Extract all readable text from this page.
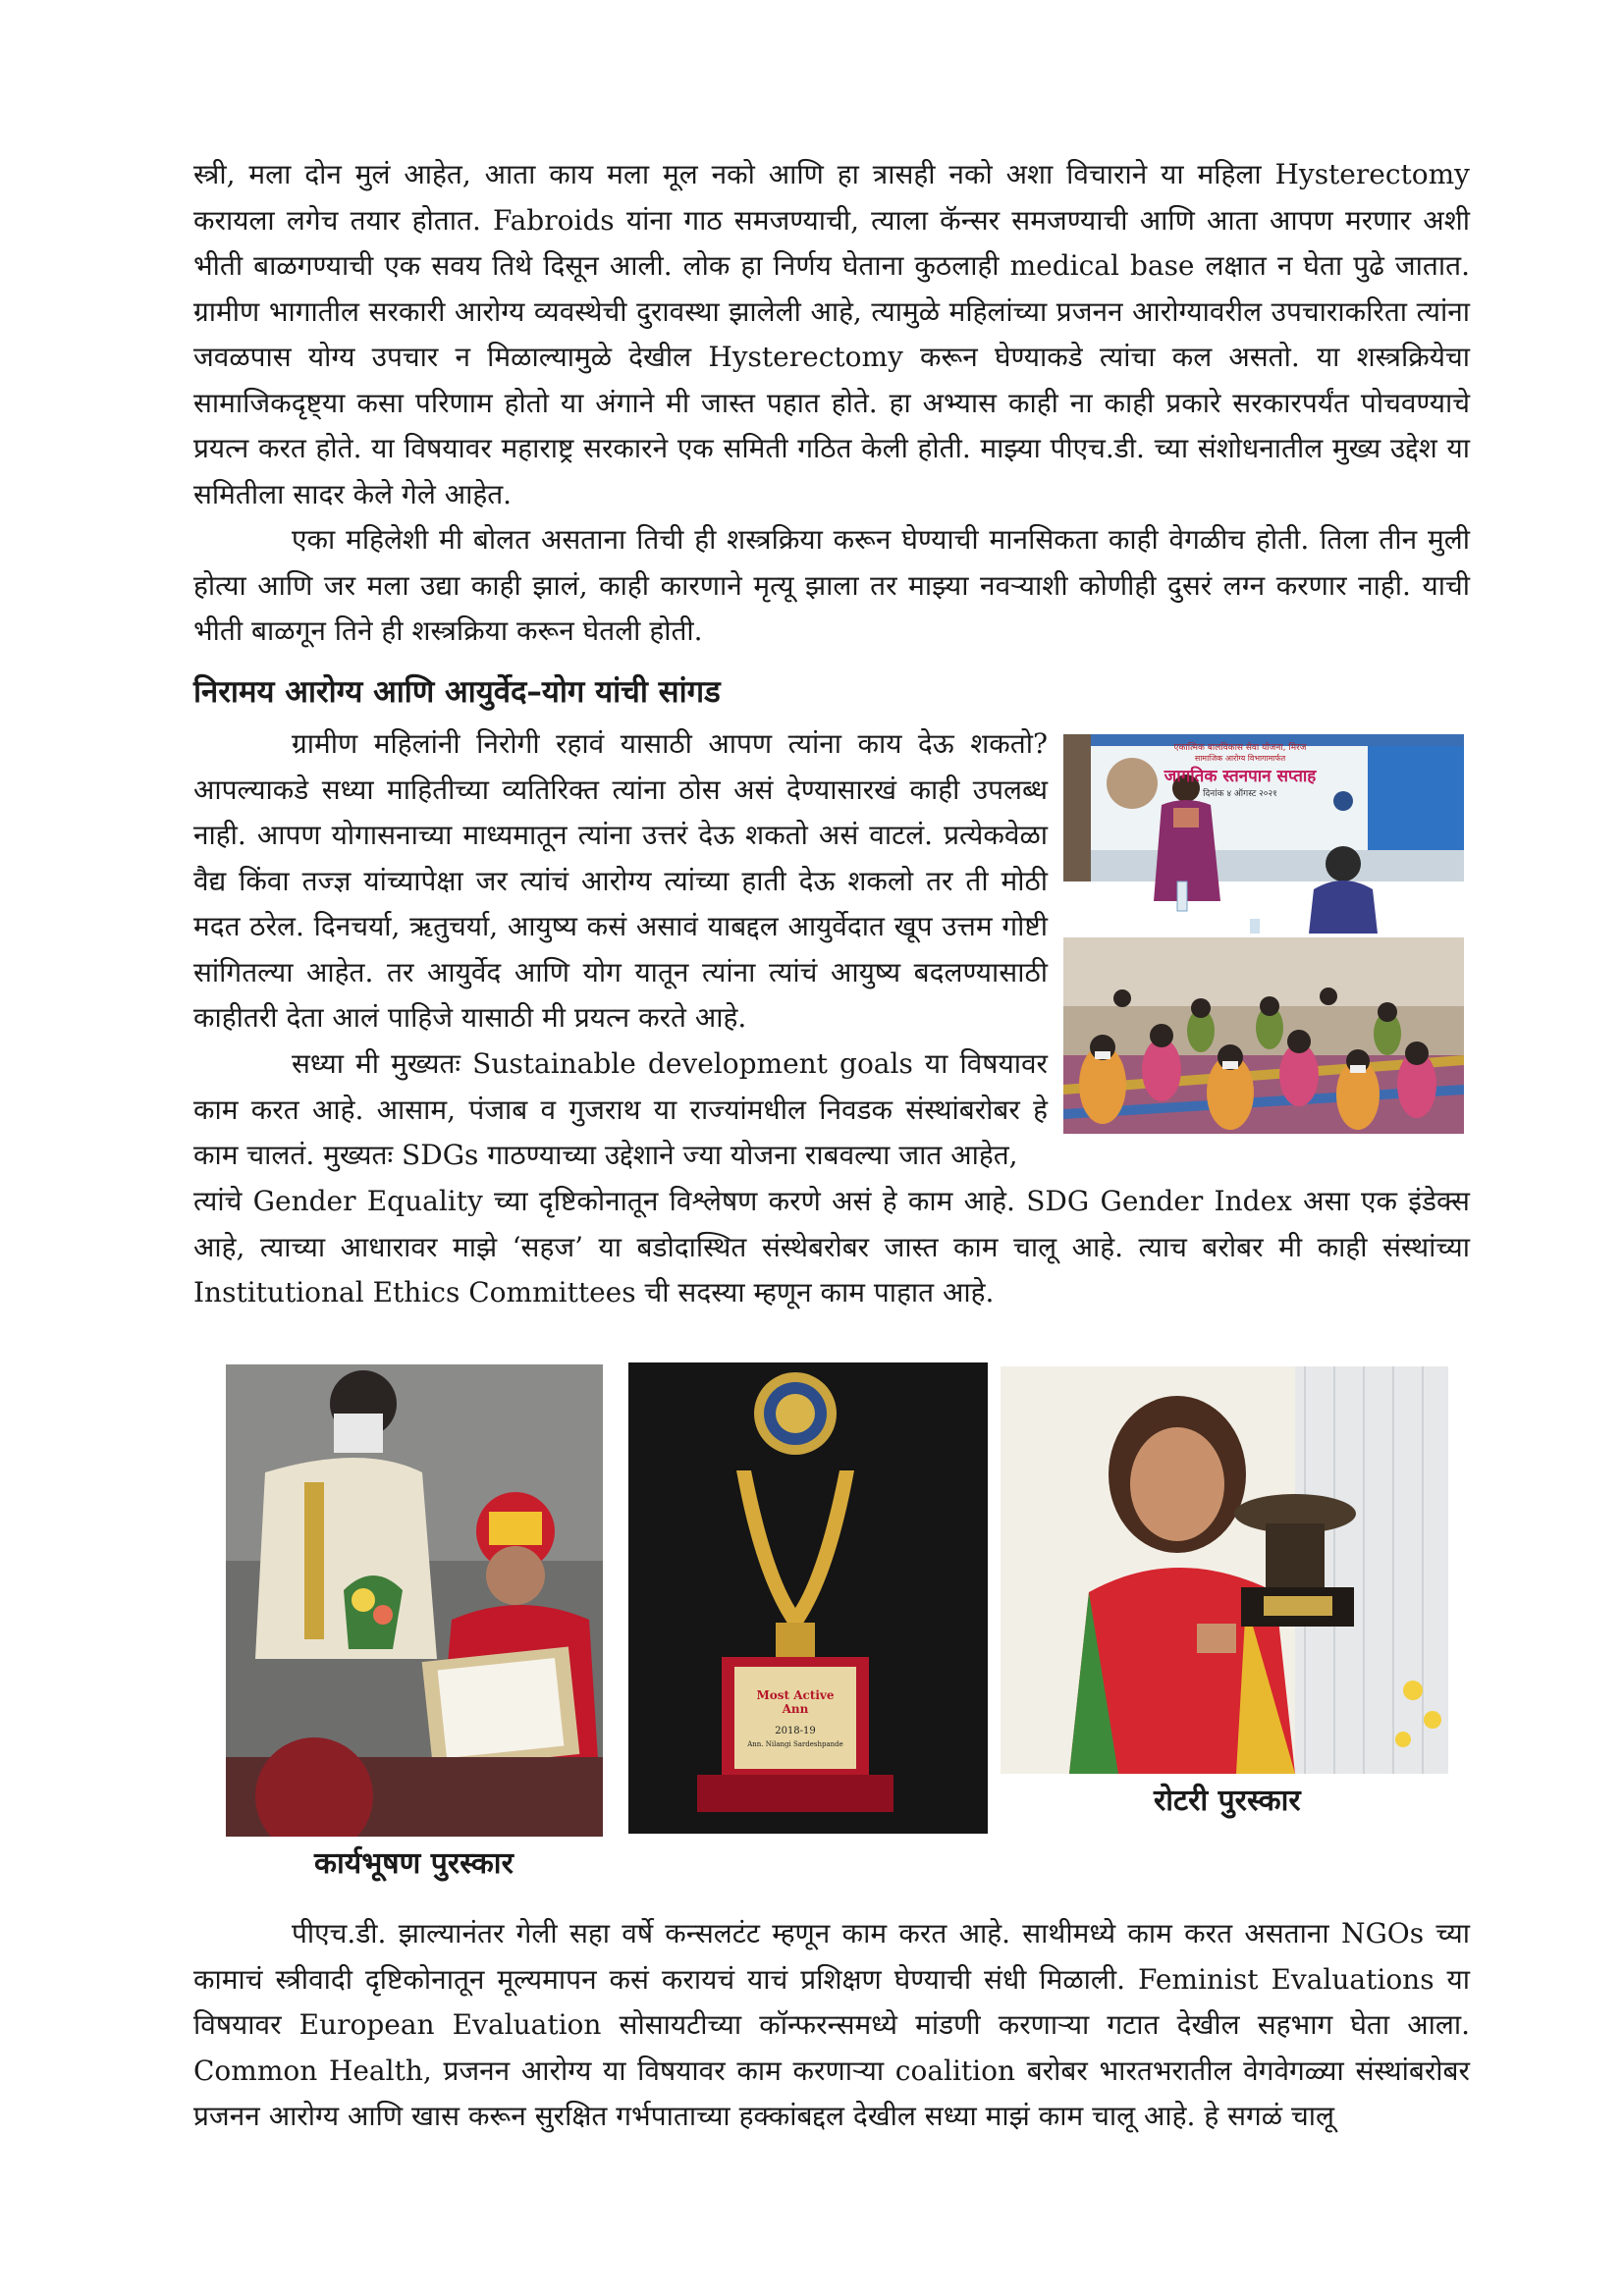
स्त्री, मला दोन मुलं आहेत, आता काय मला मूल नको आणि हा त्रासही नको अशा विचाराने या महिला Hysterectomy करायला लगेच तयार होतात. Fabroids यांना गाठ समजण्याची, त्याला कॅन्सर समजण्याची आणि आता आपण मरणार अशी भीती बाळगण्याची एक सवय तिथे दिसून आली. लोक हा निर्णय घेताना कुठलाही medical base लक्षात न घेता पुढे जातात. ग्रामीण भागातील सरकारी आरोग्य व्यवस्थेची दुरावस्था झालेली आहे, त्यामुळे महिलांच्या प्रजनन आरोग्यावरील उपचाराकरिता त्यांना जवळपास योग्य उपचार न मिळाल्यामुळे देखील Hysterectomy करून घेण्याकडे त्यांचा कल असतो. या शस्त्रक्रियेचा सामाजिकदृष्ट्या कसा परिणाम होतो या अंगाने मी जास्त पहात होते. हा अभ्यास काही ना काही प्रकारे सरकारपर्यंत पोचवण्याचे प्रयत्न करत होते. या विषयावर महाराष्ट्र सरकारने एक समिती गठित केली होती. माझ्या पीएच.डी. च्या संशोधनातील मुख्य उद्देश या समितीला सादर केले गेले आहेत.

एका महिलेशी मी बोलत असताना तिची ही शस्त्रक्रिया करून घेण्याची मानसिकता काही वेगळीच होती. तिला तीन मुली होत्या आणि जर मला उद्या काही झालं, काही कारणाने मृत्यू झाला तर माझ्या नवऱ्याशी कोणीही दुसरं लग्न करणार नाही. याची भीती बाळगून तिने ही शस्त्रक्रिया करून घेतली होती.

निरामय आरोग्य आणि आयुर्वेद–योग यांची सांगड

ग्रामीण महिलांनी निरोगी रहावं यासाठी आपण त्यांना काय देऊ शकतो? आपल्याकडे सध्या माहितीच्या व्यतिरिक्त त्यांना ठोस असं देण्यासारखं काही उपलब्ध नाही. आपण योगासनाच्या माध्यमातून त्यांना उत्तरं देऊ शकतो असं वाटलं. प्रत्येकवेळा वैद्य किंवा तज्ज्ञ यांच्यापेक्षा जर त्यांचं आरोग्य त्यांच्या हाती देऊ शकलो तर ती मोठी मदत ठरेल. दिनचर्या, ऋतुचर्या, आयुष्य कसं असावं याबद्दल आयुर्वेदात खूप उत्तम गोष्टी सांगितल्या आहेत. तर आयुर्वेद आणि योग यातून त्यांना त्यांचं आयुष्य बदलण्यासाठी काहीतरी देता आलं पाहिजे यासाठी मी प्रयत्न करते आहे.

सध्या मी मुख्यतः Sustainable development goals या विषयावर काम करत आहे. आसाम, पंजाब व गुजराथ या राज्यांमधील निवडक संस्थांबरोबर हे काम चालतं. मुख्यतः SDGs गाठण्याच्या उद्देशाने ज्या योजना राबवल्या जात आहेत,

त्यांचे Gender Equality च्या दृष्टिकोनातून विश्लेषण करणे असं हे काम आहे. SDG Gender Index असा एक इंडेक्स आहे, त्याच्या आधारावर माझे ‘सहज’ या बडोदास्थित संस्थेबरोबर जास्त काम चालू आहे. त्याच बरोबर मी काही संस्थांच्या Institutional Ethics Committees ची सदस्या म्हणून काम पाहात आहे.

एकात्मिक बालविकास सेवा योजना, मिरज
सामाजिक आरोग्य विभागामार्फत
जागतिक स्तनपान सप्ताह
दिनांक ४ ऑगस्ट २०२१

कार्यभूषण पुरस्कार

Most Active
Ann
2018-19
Ann. Nilangi Sardeshpande

रोटरी पुरस्कार

पीएच.डी. झाल्यानंतर गेली सहा वर्षे कन्सलटंट म्हणून काम करत आहे. साथीमध्ये काम करत असताना NGOs च्या कामाचं स्त्रीवादी दृष्टिकोनातून मूल्यमापन कसं करायचं याचं प्रशिक्षण घेण्याची संधी मिळाली. Feminist Evaluations या विषयावर European Evaluation सोसायटीच्या कॉन्फरन्समध्ये मांडणी करणाऱ्या गटात देखील सहभाग घेता आला. Common Health, प्रजनन आरोग्य या विषयावर काम करणाऱ्या coalition बरोबर भारतभरातील वेगवेगळ्या संस्थांबरोबर प्रजनन आरोग्य आणि खास करून सुरक्षित गर्भपाताच्या हक्कांबद्दल देखील सध्या माझं काम चालू आहे. हे सगळं चालू
